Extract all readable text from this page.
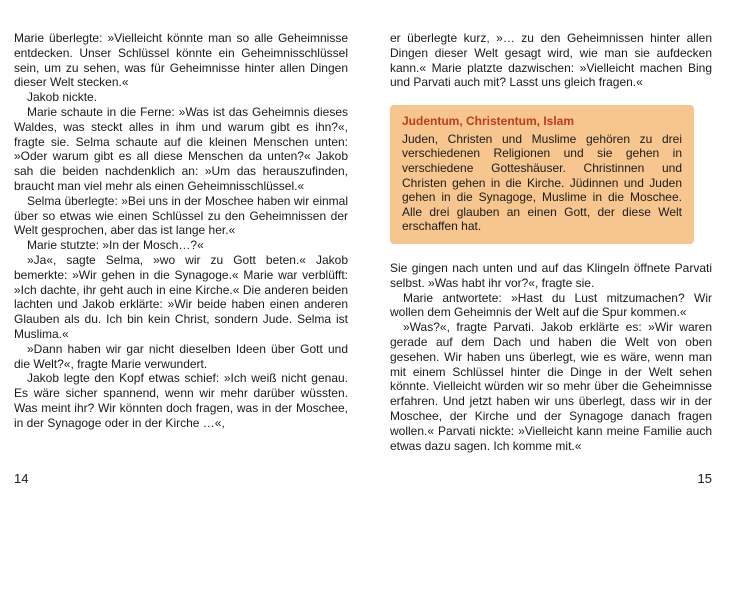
Marie überlegte: »Vielleicht könnte man so alle Geheimnisse entdecken. Unser Schlüssel könnte ein Geheimnisschlüssel sein, um zu sehen, was für Geheimnisse hinter allen Dingen dieser Welt stecken.«

Jakob nickte.

Marie schaute in die Ferne: »Was ist das Geheimnis dieses Waldes, was steckt alles in ihm und warum gibt es ihn?«, fragte sie. Selma schaute auf die kleinen Menschen unten: »Oder warum gibt es all diese Menschen da unten?« Jakob sah die beiden nachdenklich an: »Um das herauszufinden, braucht man viel mehr als einen Geheimnisschlüssel.«

Selma überlegte: »Bei uns in der Moschee haben wir einmal über so etwas wie einen Schlüssel zu den Geheimnissen der Welt gesprochen, aber das ist lange her.«

Marie stutzte: »In der Mosch…?«

»Ja«, sagte Selma, »wo wir zu Gott beten.« Jakob bemerkte: »Wir gehen in die Synagoge.« Marie war verblüfft: »Ich dachte, ihr geht auch in eine Kirche.« Die anderen beiden lachten und Jakob erklärte: »Wir beide haben einen anderen Glauben als du. Ich bin kein Christ, sondern Jude. Selma ist Muslima.«

»Dann haben wir gar nicht dieselben Ideen über Gott und die Welt?«, fragte Marie verwundert.

Jakob legte den Kopf etwas schief: »Ich weiß nicht genau. Es wäre sicher spannend, wenn wir mehr darüber wüssten. Was meint ihr? Wir könnten doch fragen, was in der Moschee, in der Synagoge oder in der Kirche …«,

14

er überlegte kurz, »… zu den Geheimnissen hinter allen Dingen dieser Welt gesagt wird, wie man sie aufdecken kann.« Marie platzte dazwischen: »Vielleicht machen Bing und Parvati auch mit? Lasst uns gleich fragen.«

Judentum, Christentum, Islam

Juden, Christen und Muslime gehören zu drei verschiedenen Religionen und sie gehen in verschiedene Gotteshäuser. Christinnen und Christen gehen in die Kirche. Jüdinnen und Juden gehen in die Synagoge, Muslime in die Moschee. Alle drei glauben an einen Gott, der diese Welt erschaffen hat.

Sie gingen nach unten und auf das Klingeln öffnete Parvati selbst. »Was habt ihr vor?«, fragte sie.

Marie antwortete: »Hast du Lust mitzumachen? Wir wollen dem Geheimnis der Welt auf die Spur kommen.«

»Was?«, fragte Parvati. Jakob erklärte es: »Wir waren gerade auf dem Dach und haben die Welt von oben gesehen. Wir haben uns überlegt, wie es wäre, wenn man mit einem Schlüssel hinter die Dinge in der Welt sehen könnte. Vielleicht würden wir so mehr über die Geheimnisse erfahren. Und jetzt haben wir uns überlegt, dass wir in der Moschee, der Kirche und der Synagoge danach fragen wollen.« Parvati nickte: »Vielleicht kann meine Familie auch etwas dazu sagen. Ich komme mit.«

15
